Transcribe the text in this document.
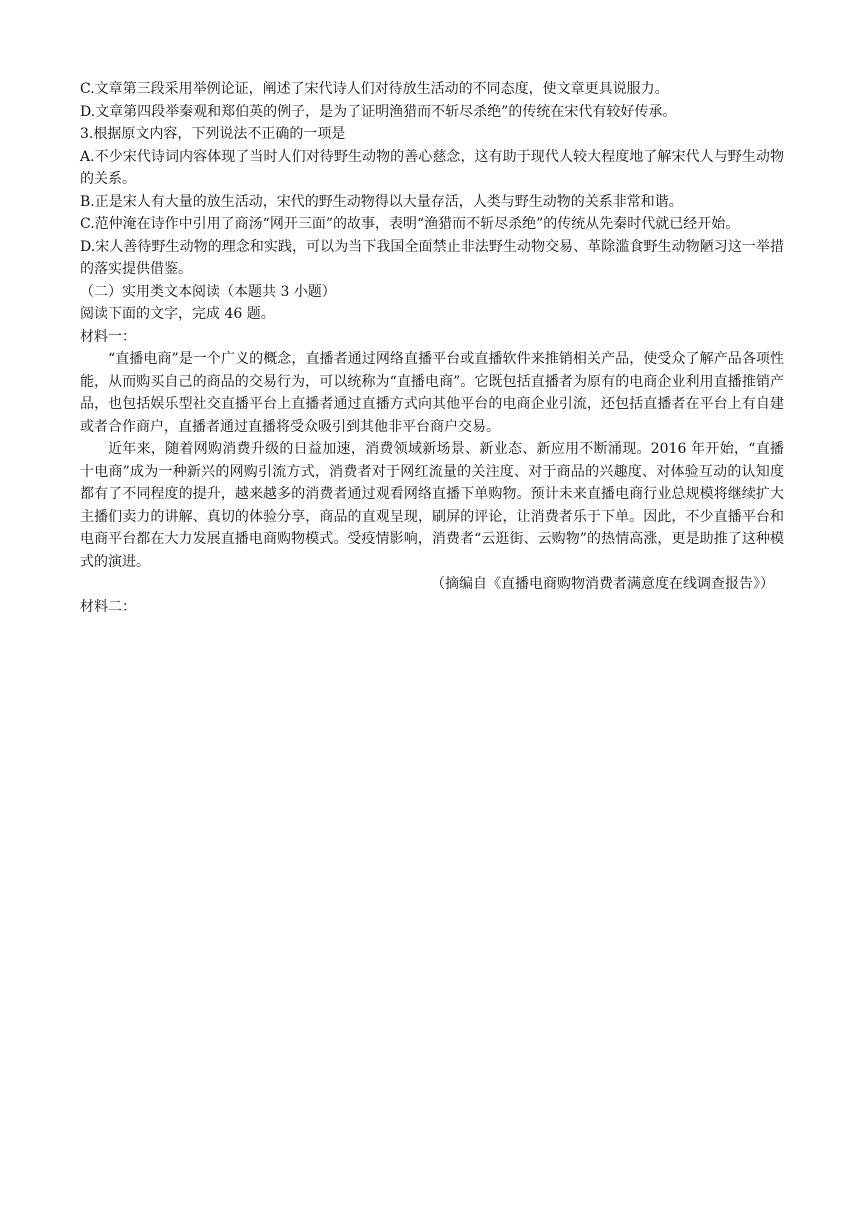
C.文章第三段采用举例论证，阐述了宋代诗人们对待放生活动的不同态度，使文章更具说服力。

D.文章第四段举秦观和郑伯英的例子，是为了证明渔猎而不斩尽杀绝”的传统在宋代有较好传承。

3.根据原文内容，下列说法不正确的一项是

A.不少宋代诗词内容体现了当时人们对待野生动物的善心慈念，这有助于现代人较大程度地了解宋代人与野生动物的关系。

B.正是宋人有大量的放生活动，宋代的野生动物得以大量存活，人类与野生动物的关系非常和谐。

C.范仲淹在诗作中引用了商汤“网开三面”的故事，表明“渔猎而不斩尽杀绝”的传统从先秦时代就已经开始。

D.宋人善待野生动物的理念和实践，可以为当下我国全面禁止非法野生动物交易、革除滥食野生动物陋习这一举措的落实提供借鉴。

（二）实用类文本阅读（本题共 3 小题）

阅读下面的文字，完成 46 题。

材料一：

“直播电商”是一个广义的概念，直播者通过网络直播平台或直播软件来推销相关产品，使受众了解产品各项性能，从而购买自己的商品的交易行为，可以统称为“直播电商”。它既包括直播者为原有的电商企业利用直播推销产品，也包括娱乐型社交直播平台上直播者通过直播方式向其他平台的电商企业引流，还包括直播者在平台上有自建或者合作商户，直播者通过直播将受众吸引到其他非平台商户交易。

近年来，随着网购消费升级的日益加速，消费领域新场景、新业态、新应用不断涌现。2016 年开始，“直播十电商”成为一种新兴的网购引流方式，消费者对于网红流量的关注度、对于商品的兴趣度、对体验互动的认知度都有了不同程度的提升，越来越多的消费者通过观看网络直播下单购物。预计未来直播电商行业总规模将继续扩大主播们卖力的讲解、真切的体验分享，商品的直观呈现，刷屏的评论，让消费者乐于下单。因此，不少直播平台和电商平台都在大力发展直播电商购物模式。受疫情影响，消费者“云逛街、云购物”的热情高涨，更是助推了这种模式的演进。

（摘编自《直播电商购物消费者满意度在线调查报告》）

材料二：
